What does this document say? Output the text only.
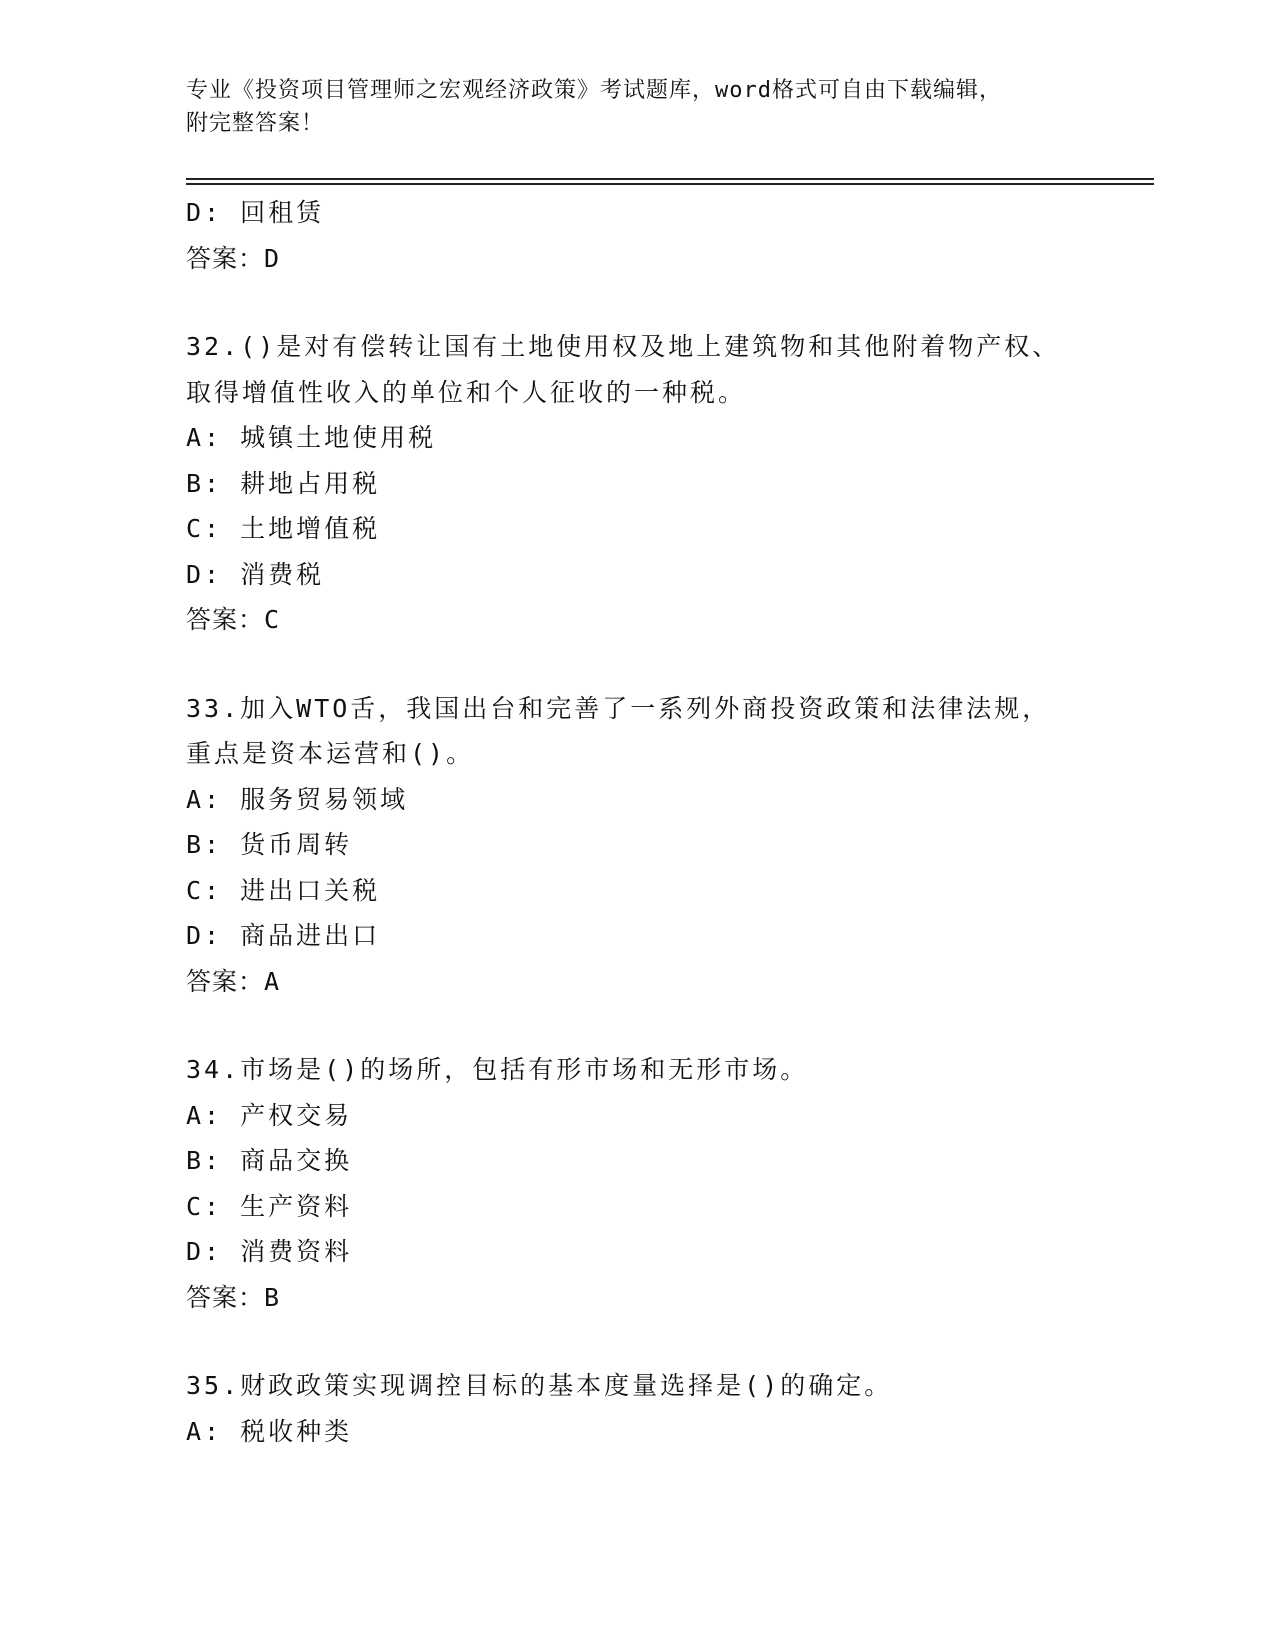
专业《投资项目管理师之宏观经济政策》考试题库，word格式可自由下载编辑，
附完整答案！
D: 回租赁
答案：D
32.()是对有偿转让国有土地使用权及地上建筑物和其他附着物产权、
取得增值性收入的单位和个人征收的一种税。
A: 城镇土地使用税
B: 耕地占用税
C: 土地增值税
D: 消费税
答案：C
33.加入WTO舌，我国出台和完善了一系列外商投资政策和法律法规，
重点是资本运营和()。
A: 服务贸易领域
B: 货币周转
C: 进出口关税
D: 商品进出口
答案：A
34.市场是()的场所，包括有形市场和无形市场。
A: 产权交易
B: 商品交换
C: 生产资料
D: 消费资料
答案：B
35.财政政策实现调控目标的基本度量选择是()的确定。
A: 税收种类
